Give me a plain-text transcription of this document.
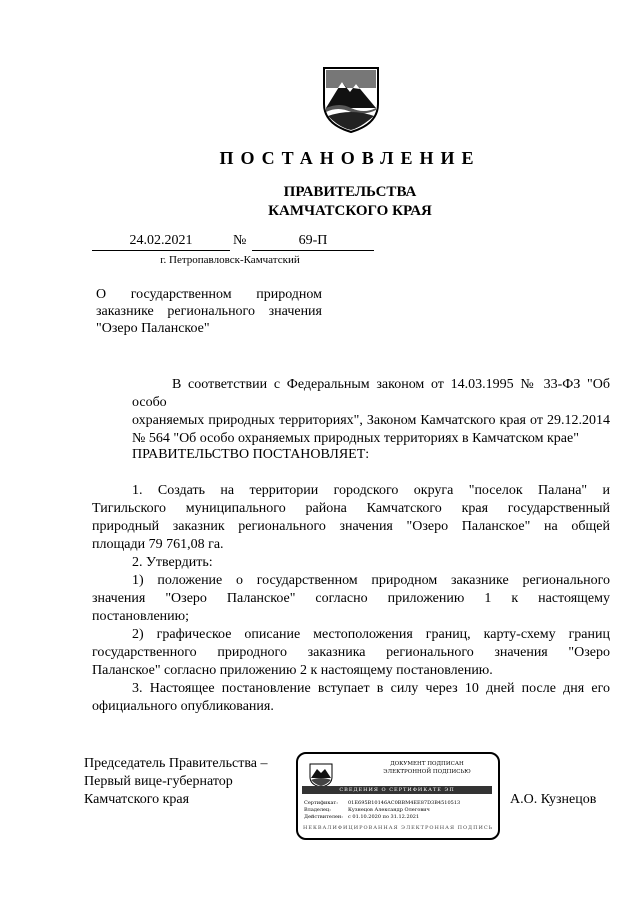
ПОСТАНОВЛЕНИЕ
ПРАВИТЕЛЬСТВА
КАМЧАТСКОГО КРАЯ
24.02.2021	№	69-П
г. Петропавловск-Камчатский
О государственном природном
заказнике регионального значения
"Озеро Паланское"
В соответствии с Федеральным законом от 14.03.1995 № 33-ФЗ "Об особо
охраняемых природных территориях", Законом Камчатского края от 29.12.2014
№ 564 "Об особо охраняемых природных территориях в Камчатском крае"
ПРАВИТЕЛЬСТВО ПОСТАНОВЛЯЕТ:
1. Создать на территории городского округа "поселок Палана" и
Тигильского муниципального района Камчатского края государственный
природный заказник регионального значения "Озеро Паланское" на общей
площади 79 761,08 га.
2. Утвердить:
1) положение о государственном природном заказнике регионального
значения "Озеро Паланское" согласно приложению 1 к настоящему
постановлению;
2) графическое описание местоположения границ, карту-схему границ
государственного природного заказника регионального значения "Озеро
Паланское" согласно приложению 2 к настоящему постановлению.
3. Настоящее постановление вступает в силу через 10 дней после дня его
официального опубликования.
Председатель Правительства –
Первый вице-губернатор
Камчатского края
ДОКУМЕНТ ПОДПИСАН
ЭЛЕКТРОННОЙ ПОДПИСЬЮ
СВЕДЕНИЯ О СЕРТИФИКАТЕ ЭП
Сертификат: 01E695B10146AC0BBM4EE87D3B4510513
Владелец:	Кузнецов Александр Олегович
Действителен: с 01.10.2020 по 31.12.2021
НЕКВАЛИФИЦИРОВАННАЯ ЭЛЕКТРОННАЯ ПОДПИСЬ
А.О. Кузнецов
